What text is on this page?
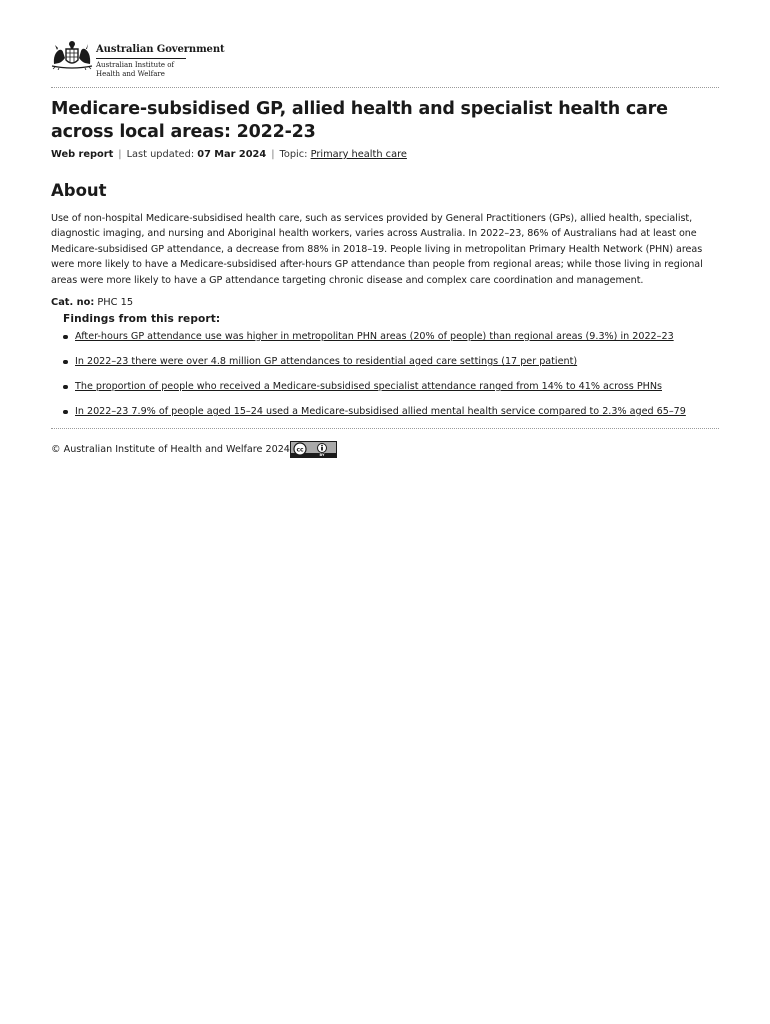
Australian Government
Australian Institute of
Health and Welfare
Medicare-subsidised GP, allied health and specialist health care across local areas: 2022-23
Web report | Last updated: 07 Mar 2024 | Topic: Primary health care
About

Use of non-hospital Medicare-subsidised health care, such as services provided by General Practitioners (GPs), allied health, specialist, diagnostic imaging, and nursing and Aboriginal health workers, varies across Australia. In 2022–23, 86% of Australians had at least one Medicare-subsidised GP attendance, a decrease from 88% in 2018–19. People living in metropolitan Primary Health Network (PHN) areas were more likely to have a Medicare-subsidised after-hours GP attendance than people from regional areas; while those living in regional areas were more likely to have a GP attendance targeting chronic disease and complex care coordination and management.

Cat. no: PHC 15
Findings from this report:
After-hours GP attendance use was higher in metropolitan PHN areas (20% of people) than regional areas (9.3%) in 2022–23
In 2022–23 there were over 4.8 million GP attendances to residential aged care settings (17 per patient)
The proportion of people who received a Medicare-subsidised specialist attendance ranged from 14% to 41% across PHNs
In 2022–23 7.9% of people aged 15–24 used a Medicare-subsidised allied mental health service compared to 2.3% aged 65–79
© Australian Institute of Health and Welfare 2024 cc
BY
